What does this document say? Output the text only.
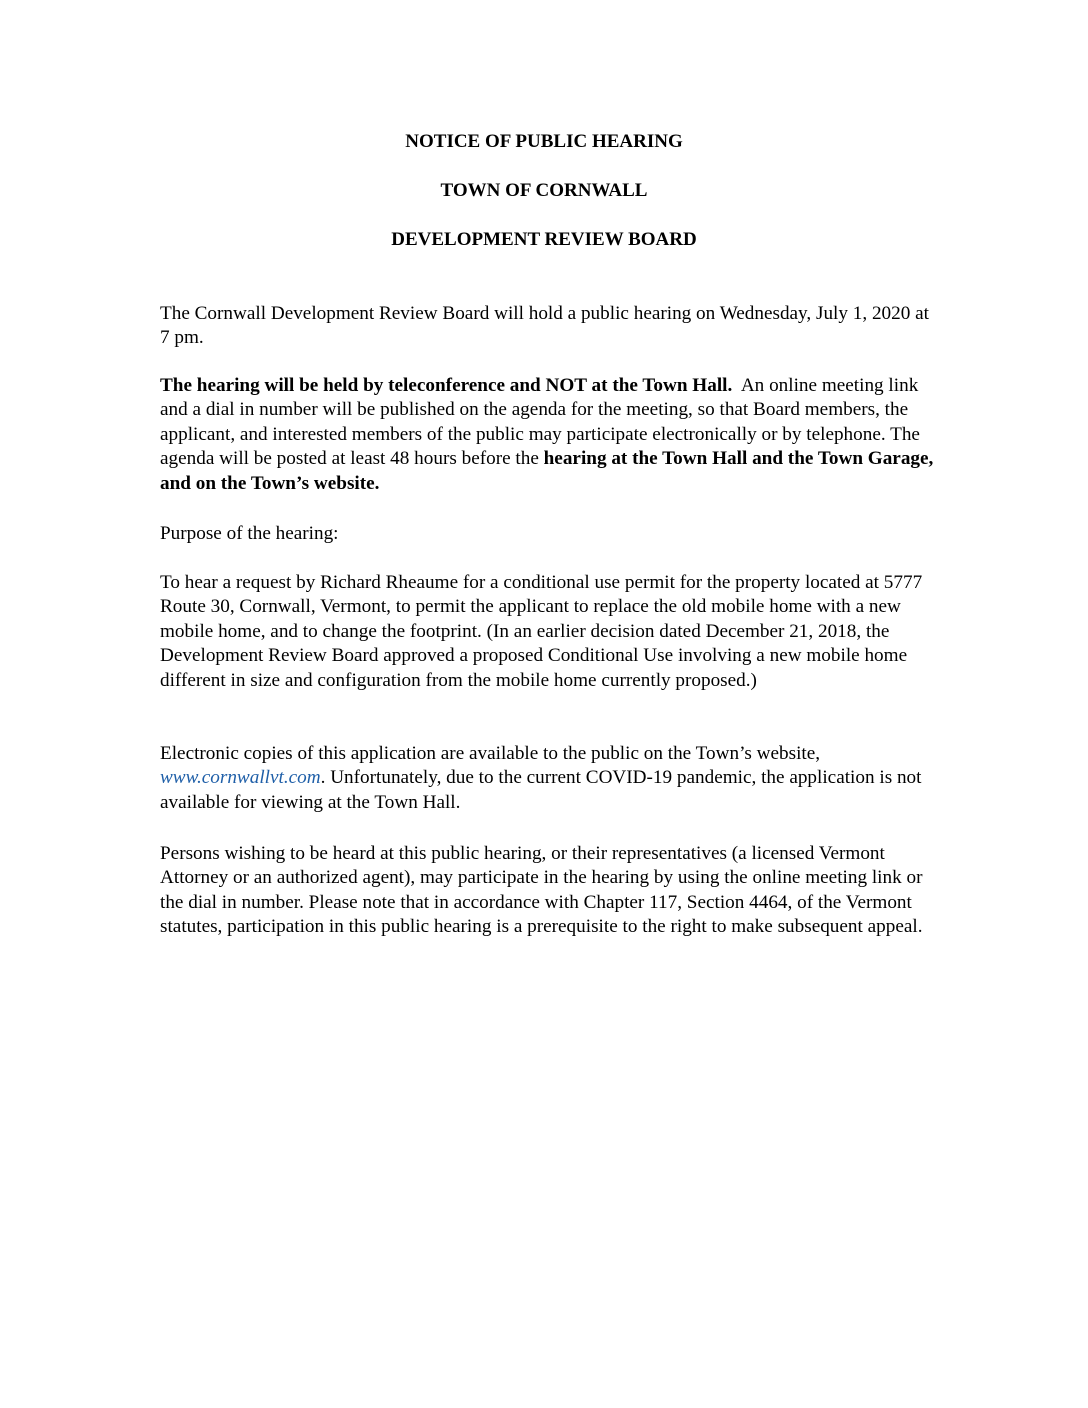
NOTICE OF PUBLIC HEARING

TOWN OF CORNWALL

DEVELOPMENT REVIEW BOARD

The Cornwall Development Review Board will hold a public hearing on Wednesday, July 1, 2020 at 7 pm.

The hearing will be held by teleconference and NOT at the Town Hall. An online meeting link and a dial in number will be published on the agenda for the meeting, so that Board members, the applicant, and interested members of the public may participate electronically or by telephone. The agenda will be posted at least 48 hours before the hearing at the Town Hall and the Town Garage, and on the Town’s website.

Purpose of the hearing:

To hear a request by Richard Rheaume for a conditional use permit for the property located at 5777 Route 30, Cornwall, Vermont, to permit the applicant to replace the old mobile home with a new mobile home, and to change the footprint. (In an earlier decision dated December 21, 2018, the Development Review Board approved a proposed Conditional Use involving a new mobile home different in size and configuration from the mobile home currently proposed.)

Electronic copies of this application are available to the public on the Town’s website, www.cornwallvt.com. Unfortunately, due to the current COVID-19 pandemic, the application is not available for viewing at the Town Hall.

Persons wishing to be heard at this public hearing, or their representatives (a licensed Vermont Attorney or an authorized agent), may participate in the hearing by using the online meeting link or the dial in number. Please note that in accordance with Chapter 117, Section 4464, of the Vermont statutes, participation in this public hearing is a prerequisite to the right to make subsequent appeal.
